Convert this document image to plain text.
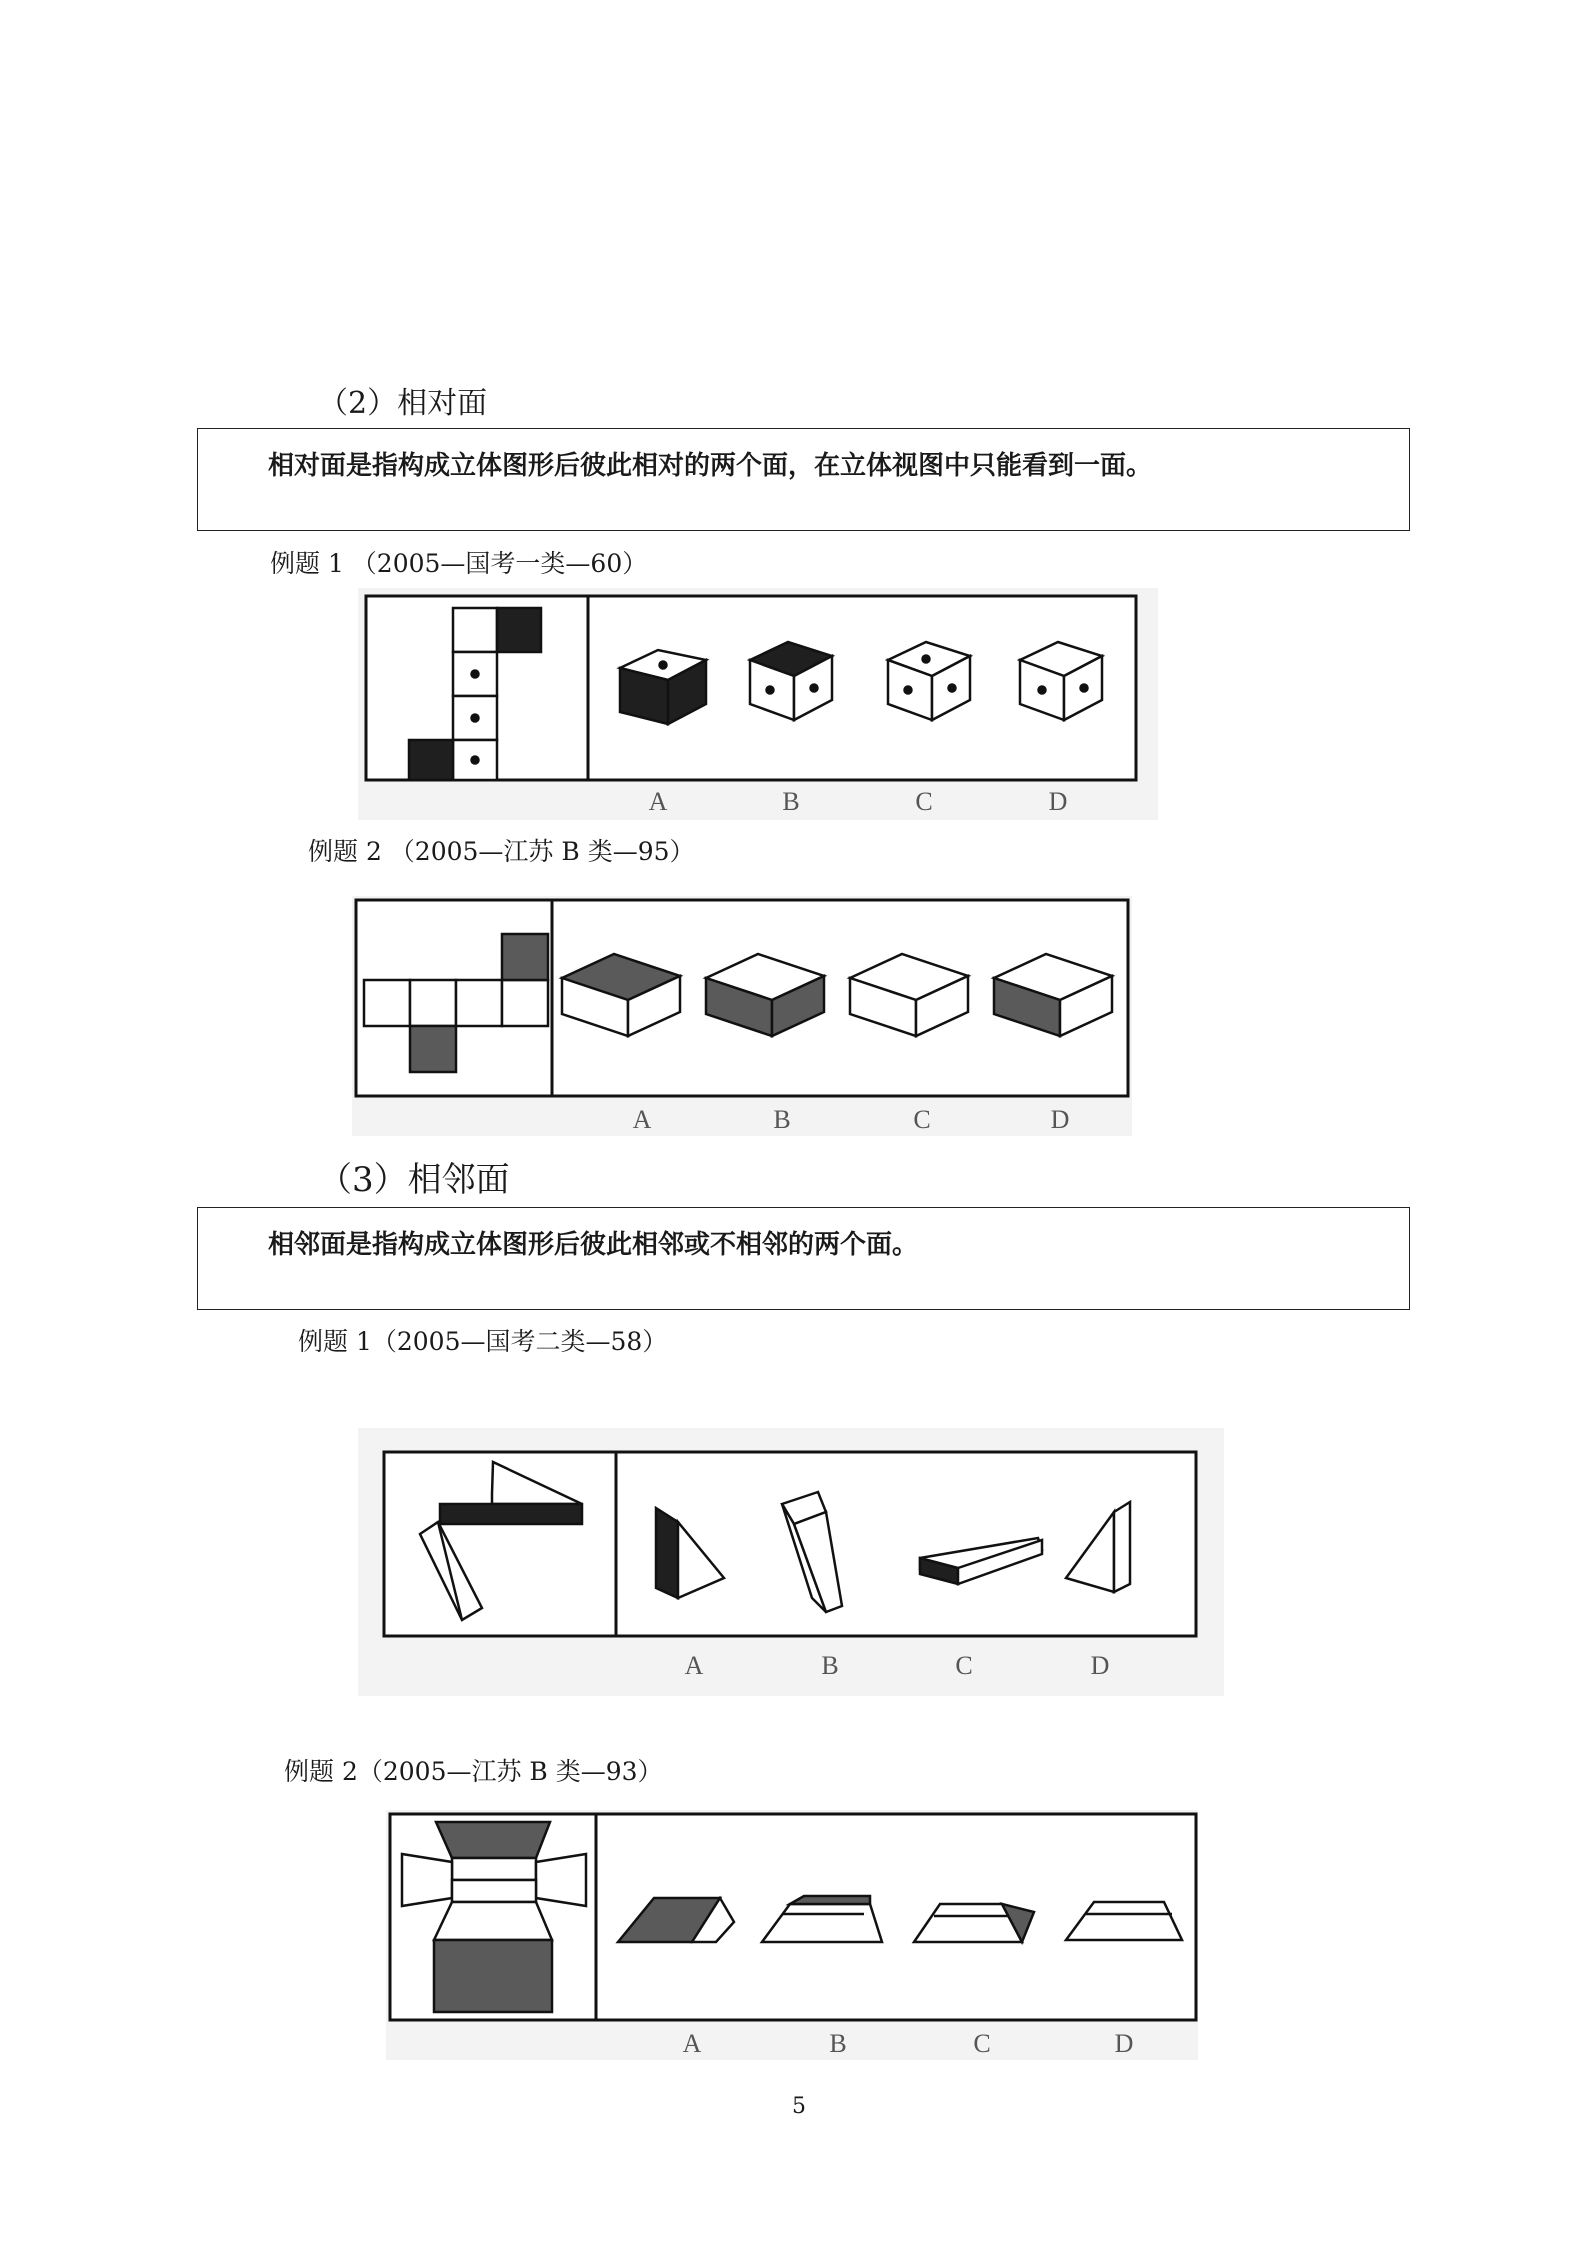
（2）相对面
相对面是指构成立体图形后彼此相对的两个面，在立体视图中只能看到一面。
例题 1 （2005—国考一类—60）
A	B	C	D
例题 2 （2005—江苏 B 类—95）
A	B	C	D
（3）相邻面
相邻面是指构成立体图形后彼此相邻或不相邻的两个面。
例题 1（2005—国考二类—58）
A	B	C	D
例题 2（2005—江苏 B 类—93）
A	B	C	D
5
